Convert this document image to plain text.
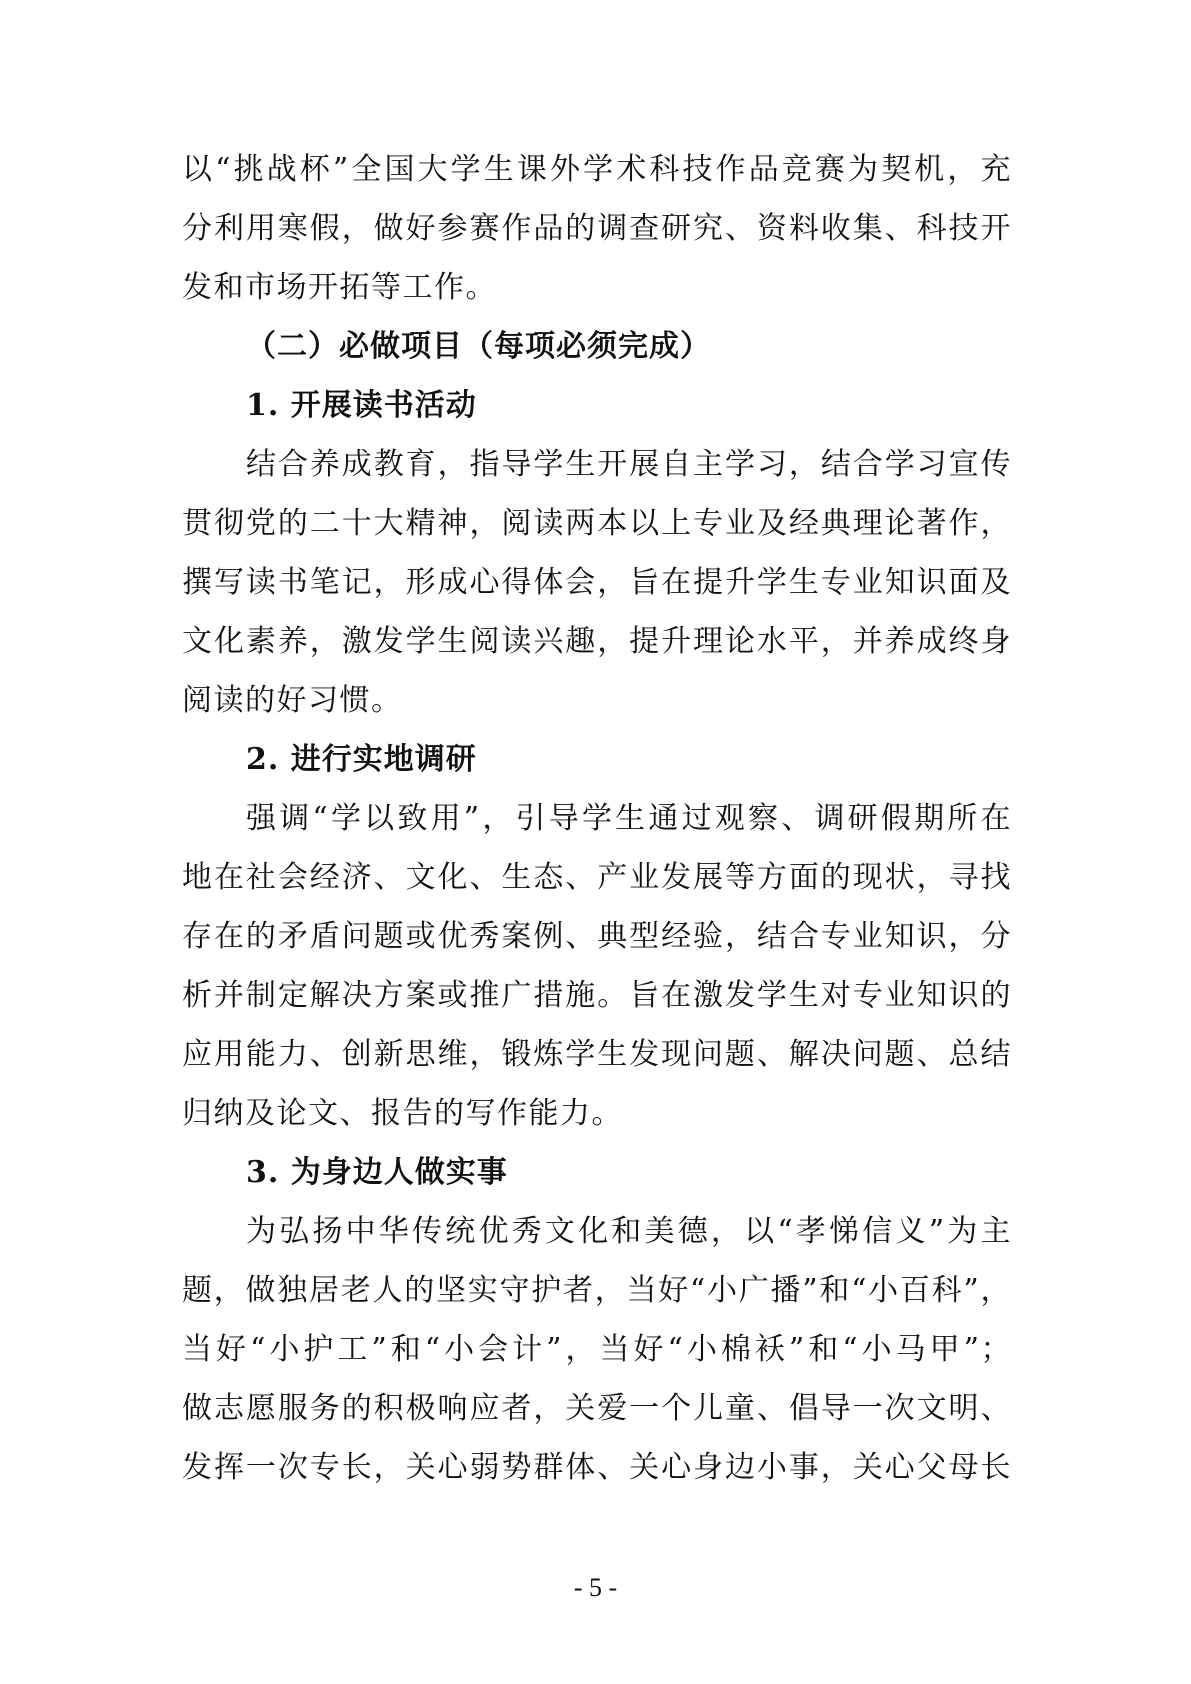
以“挑战杯”全国大学生课外学术科技作品竞赛为契机，充
分利用寒假，做好参赛作品的调查研究、资料收集、科技开
发和市场开拓等工作。
（二）必做项目（每项必须完成）
1. 开展读书活动
结合养成教育，指导学生开展自主学习，结合学习宣传
贯彻党的二十大精神，阅读两本以上专业及经典理论著作，
撰写读书笔记，形成心得体会，旨在提升学生专业知识面及
文化素养，激发学生阅读兴趣，提升理论水平，并养成终身
阅读的好习惯。
2. 进行实地调研
强调“学以致用”，引导学生通过观察、调研假期所在
地在社会经济、文化、生态、产业发展等方面的现状，寻找
存在的矛盾问题或优秀案例、典型经验，结合专业知识，分
析并制定解决方案或推广措施。旨在激发学生对专业知识的
应用能力、创新思维，锻炼学生发现问题、解决问题、总结
归纳及论文、报告的写作能力。
3. 为身边人做实事
为弘扬中华传统优秀文化和美德，以“孝悌信义”为主
题，做独居老人的坚实守护者，当好“小广播”和“小百科”，
当好“小护工”和“小会计”，当好“小棉袄”和“小马甲”；
做志愿服务的积极响应者，关爱一个儿童、倡导一次文明、
发挥一次专长，关心弱势群体、关心身边小事，关心父母长
- 5 -
